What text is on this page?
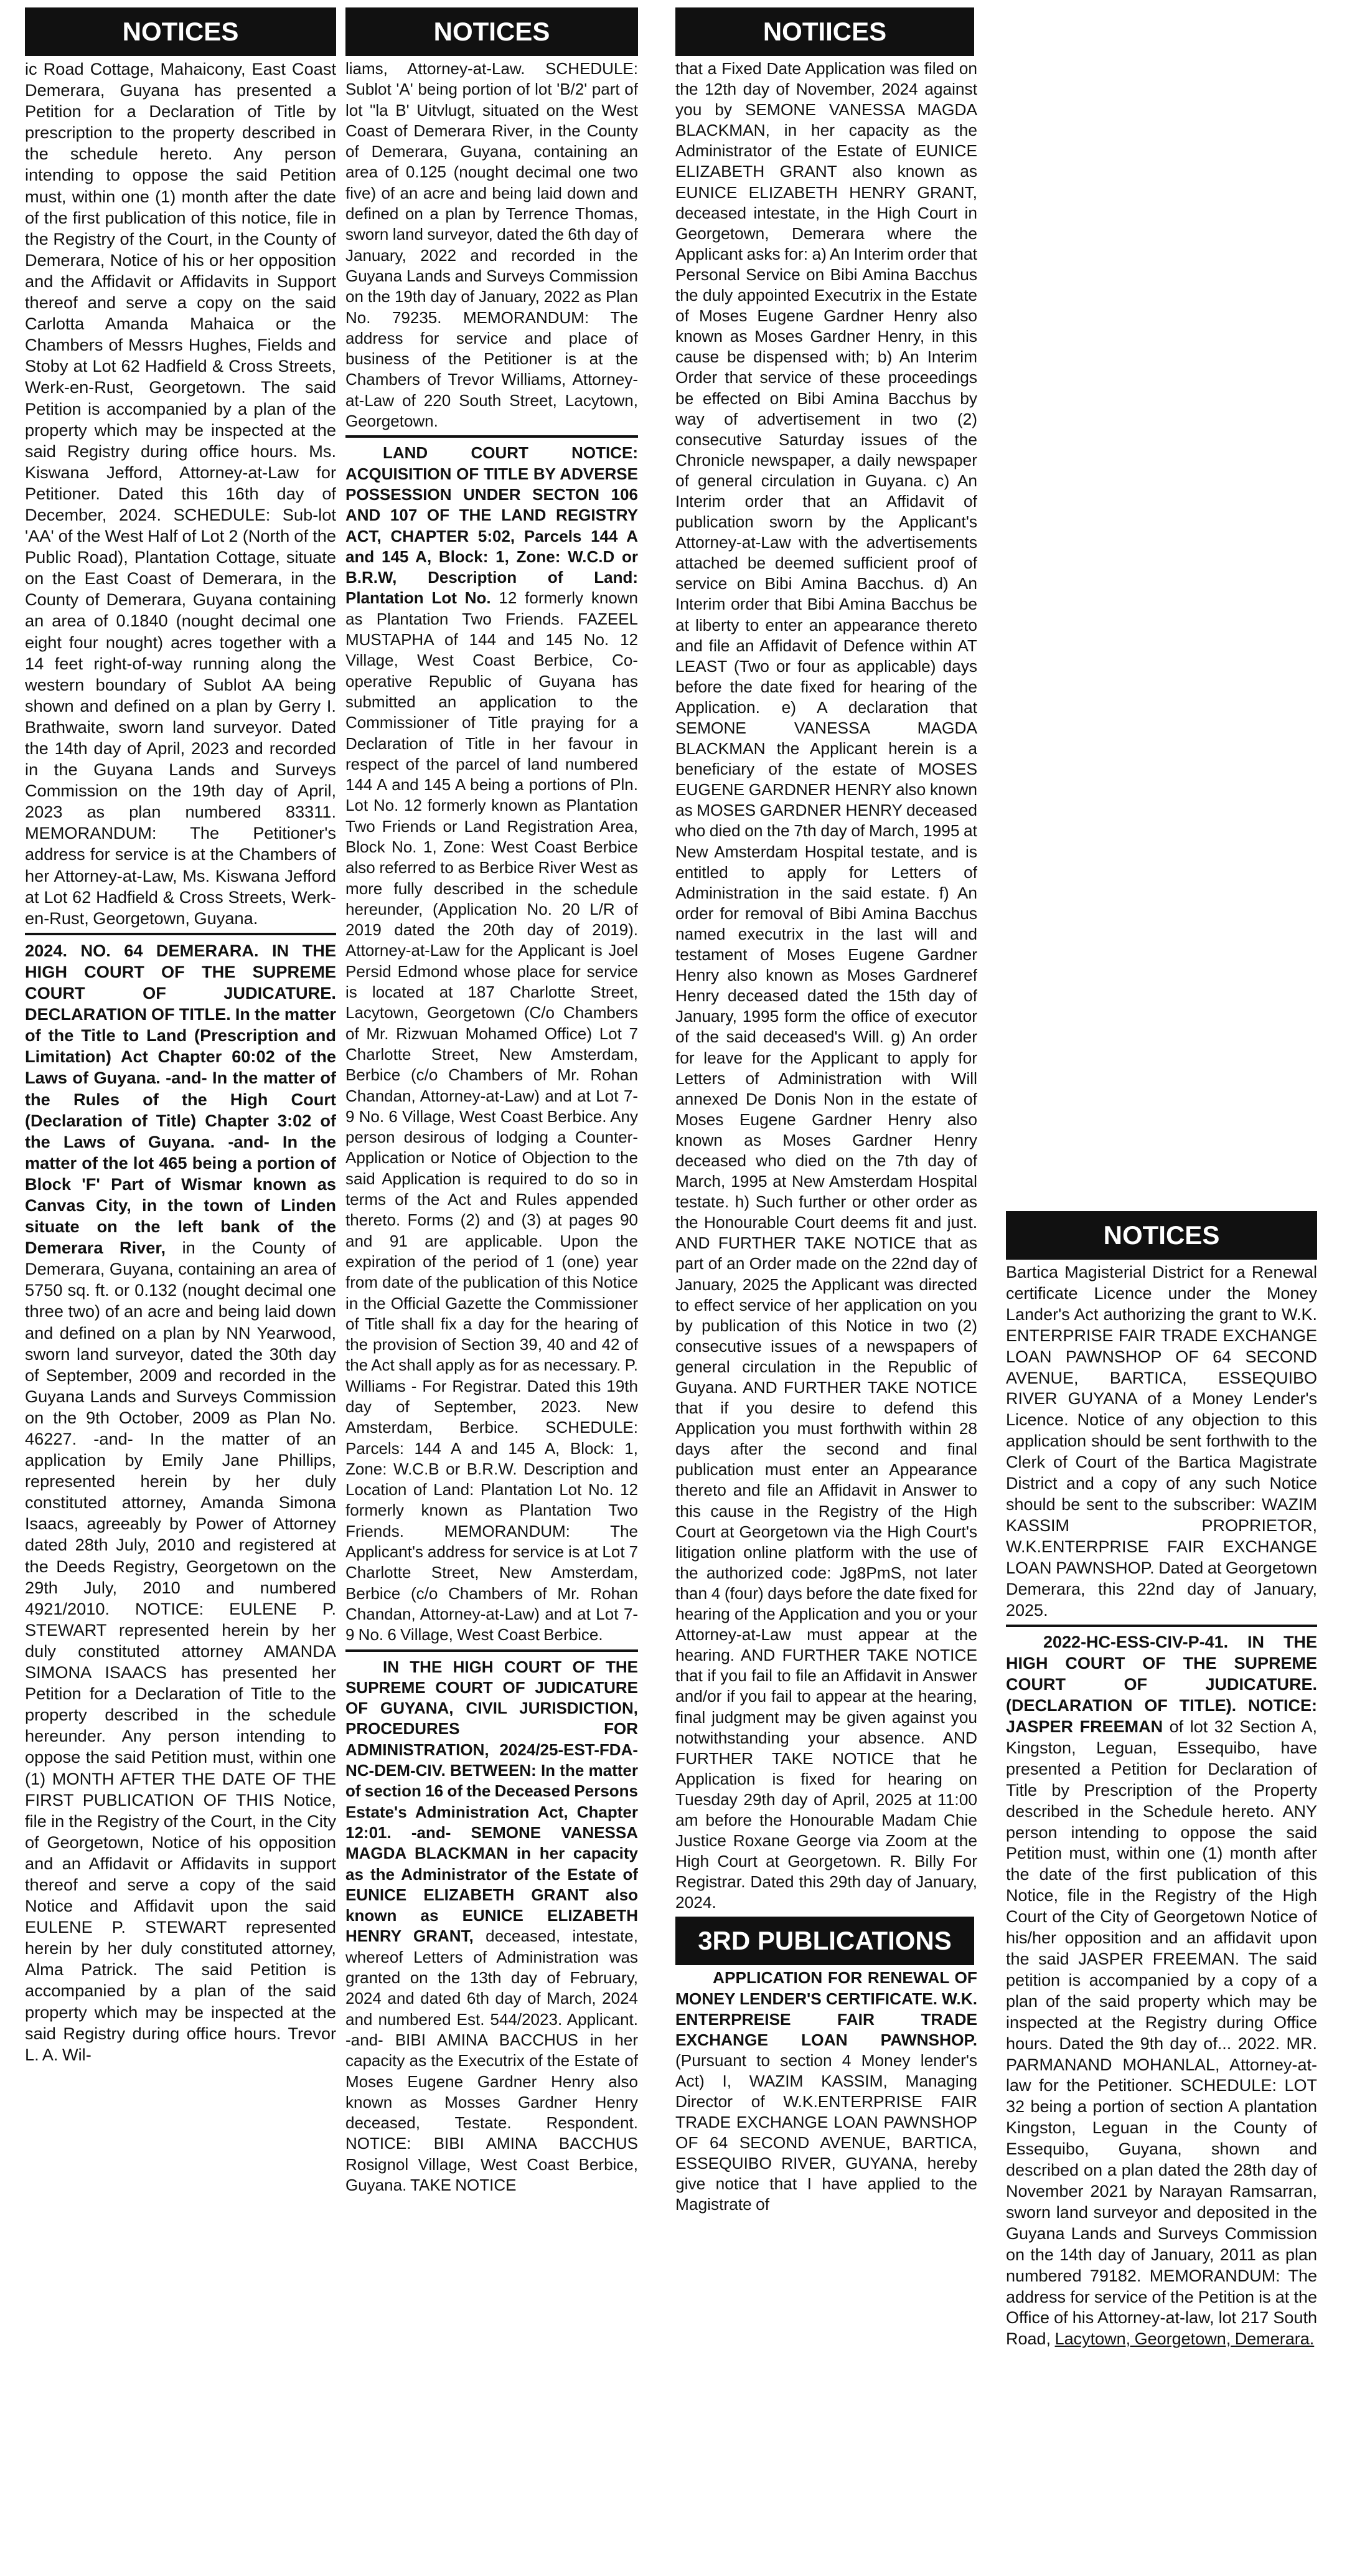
NOTICES

ic Road Cottage, Mahaicony, East Coast Demerara, Guyana has presented a Petition for a Declaration of Title by prescription to the property described in the schedule hereto. Any person intending to oppose the said Petition must, within one (1) month after the date of the first publication of this notice, file in the Registry of the Court, in the County of Demerara, Notice of his or her opposition and the Affidavit or Affidavits in Support thereof and serve a copy on the said Carlotta Amanda Mahaica or the Chambers of Messrs Hughes, Fields and Stoby at Lot 62 Hadfield & Cross Streets, Werk-en-Rust, Georgetown. The said Petition is accompanied by a plan of the property which may be inspected at the said Registry during office hours. Ms. Kiswana Jefford, Attorney-at-Law for Petitioner. Dated this 16th day of December, 2024. SCHEDULE: Sub-lot 'AA' of the West Half of Lot 2 (North of the Public Road), Plantation Cottage, situate on the East Coast of Demerara, in the County of Demerara, Guyana containing an area of 0.1840 (nought decimal one eight four nought) acres together with a 14 feet right-of-way running along the western boundary of Sublot AA being shown and defined on a plan by Gerry I. Brathwaite, sworn land surveyor. Dated the 14th day of April, 2023 and recorded in the Guyana Lands and Surveys Commission on the 19th day of April, 2023 as plan numbered 83311. MEMORANDUM: The Petitioner's address for service is at the Chambers of her Attorney-at-Law, Ms. Kiswana Jefford at Lot 62 Hadfield & Cross Streets, Werk-en-Rust, Georgetown, Guyana.

2024. NO. 64 DEMERARA. IN THE HIGH COURT OF THE SUPREME COURT OF JUDICATURE. DECLARATION OF TITLE. In the matter of the Title to Land (Prescription and Limitation) Act Chapter 60:02 of the Laws of Guyana. -and- In the matter of the Rules of the High Court (Declaration of Title) Chapter 3:02 of the Laws of Guyana. -and- In the matter of the lot 465 being a portion of Block 'F' Part of Wismar known as Canvas City, in the town of Linden situate on the left bank of the Demerara River, in the County of Demerara, Guyana, containing an area of 5750 sq. ft. or 0.132 (nought decimal one three two) of an acre and being laid down and defined on a plan by NN Yearwood, sworn land surveyor, dated the 30th day of September, 2009 and recorded in the Guyana Lands and Surveys Commission on the 9th October, 2009 as Plan No. 46227. -and- In the matter of an application by Emily Jane Phillips, represented herein by her duly constituted attorney, Amanda Simona Isaacs, agreeably by Power of Attorney dated 28th July, 2010 and registered at the Deeds Registry, Georgetown on the 29th July, 2010 and numbered 4921/2010. NOTICE: EULENE P. STEWART represented herein by her duly constituted attorney AMANDA SIMONA ISAACS has presented her Petition for a Declaration of Title to the property described in the schedule hereunder. Any person intending to oppose the said Petition must, within one (1) MONTH AFTER THE DATE OF THE FIRST PUBLICATION OF THIS Notice, file in the Registry of the Court, in the City of Georgetown, Notice of his opposition and an Affidavit or Affidavits in support thereof and serve a copy of the said Notice and Affidavit upon the said EULENE P. STEWART represented herein by her duly constituted attorney, Alma Patrick. The said Petition is accompanied by a plan of the said property which may be inspected at the said Registry during office hours. Trevor L. A. Wil-

NOTICES

liams, Attorney-at-Law. SCHEDULE: Sublot 'A' being portion of lot 'B/2' part of lot "la B' Uitvlugt, situated on the West Coast of Demerara River, in the County of Demerara, Guyana, containing an area of 0.125 (nought decimal one two five) of an acre and being laid down and defined on a plan by Terrence Thomas, sworn land surveyor, dated the 6th day of January, 2022 and recorded in the Guyana Lands and Surveys Commission on the 19th day of January, 2022 as Plan No. 79235. MEMORANDUM: The address for service and place of business of the Petitioner is at the Chambers of Trevor Williams, Attorney-at-Law of 220 South Street, Lacytown, Georgetown.

LAND COURT NOTICE: ACQUISITION OF TITLE BY ADVERSE POSSESSION UNDER SECTON 106 AND 107 OF THE LAND REGISTRY ACT, CHAPTER 5:02, Parcels 144 A and 145 A, Block: 1, Zone: W.C.D or B.R.W, Description of Land: Plantation Lot No. 12 formerly known as Plantation Two Friends. FAZEEL MUSTAPHA of 144 and 145 No. 12 Village, West Coast Berbice, Co-operative Republic of Guyana has submitted an application to the Commissioner of Title praying for a Declaration of Title in her favour in respect of the parcel of land numbered 144 A and 145 A being a portions of Pln. Lot No. 12 formerly known as Plantation Two Friends or Land Registration Area, Block No. 1, Zone: West Coast Berbice also referred to as Berbice River West as more fully described in the schedule hereunder, (Application No. 20 L/R of 2019 dated the 20th day of 2019). Attorney-at-Law for the Applicant is Joel Persid Edmond whose place for service is located at 187 Charlotte Street, Lacytown, Georgetown (C/o Chambers of Mr. Rizwuan Mohamed Office) Lot 7 Charlotte Street, New Amsterdam, Berbice (c/o Chambers of Mr. Rohan Chandan, Attorney-at-Law) and at Lot 7-9 No. 6 Village, West Coast Berbice. Any person desirous of lodging a Counter-Application or Notice of Objection to the said Application is required to do so in terms of the Act and Rules appended thereto. Forms (2) and (3) at pages 90 and 91 are applicable. Upon the expiration of the period of 1 (one) year from date of the publication of this Notice in the Official Gazette the Commissioner of Title shall fix a day for the hearing of the provision of Section 39, 40 and 42 of the Act shall apply as for as necessary. P. Williams - For Registrar. Dated this 19th day of September, 2023. New Amsterdam, Berbice. SCHEDULE: Parcels: 144 A and 145 A, Block: 1, Zone: W.C.B or B.R.W. Description and Location of Land: Plantation Lot No. 12 formerly known as Plantation Two Friends. MEMORANDUM: The Applicant's address for service is at Lot 7 Charlotte Street, New Amsterdam, Berbice (c/o Chambers of Mr. Rohan Chandan, Attorney-at-Law) and at Lot 7-9 No. 6 Village, West Coast Berbice.

IN THE HIGH COURT OF THE SUPREME COURT OF JUDICATURE OF GUYANA, CIVIL JURISDICTION, PROCEDURES FOR ADMINISTRATION, 2024/25-EST-FDA-NC-DEM-CIV. BETWEEN: In the matter of section 16 of the Deceased Persons Estate's Administration Act, Chapter 12:01. -and- SEMONE VANESSA MAGDA BLACKMAN in her capacity as the Administrator of the Estate of EUNICE ELIZABETH GRANT also known as EUNICE ELIZABETH HENRY GRANT, deceased, intestate, whereof Letters of Administration was granted on the 13th day of February, 2024 and dated 6th day of March, 2024 and numbered Est. 544/2023. Applicant. -and- BIBI AMINA BACCHUS in her capacity as the Executrix of the Estate of Moses Eugene Gardner Henry also known as Mosses Gardner Henry deceased, Testate. Respondent. NOTICE: BIBI AMINA BACCHUS Rosignol Village, West Coast Berbice, Guyana. TAKE NOTICE

NOTIICES

that a Fixed Date Application was filed on the 12th day of November, 2024 against you by SEMONE VANESSA MAGDA BLACKMAN, in her capacity as the Administrator of the Estate of EUNICE ELIZABETH GRANT also known as EUNICE ELIZABETH HENRY GRANT, deceased intestate, in the High Court in Georgetown, Demerara where the Applicant asks for: a) An Interim order that Personal Service on Bibi Amina Bacchus the duly appointed Executrix in the Estate of Moses Eugene Gardner Henry also known as Moses Gardner Henry, in this cause be dispensed with; b) An Interim Order that service of these proceedings be effected on Bibi Amina Bacchus by way of advertisement in two (2) consecutive Saturday issues of the Chronicle newspaper, a daily newspaper of general circulation in Guyana. c) An Interim order that an Affidavit of publication sworn by the Applicant's Attorney-at-Law with the advertisements attached be deemed sufficient proof of service on Bibi Amina Bacchus. d) An Interim order that Bibi Amina Bacchus be at liberty to enter an appearance thereto and file an Affidavit of Defence within AT LEAST (Two or four as applicable) days before the date fixed for hearing of the Application. e) A declaration that SEMONE VANESSA MAGDA BLACKMAN the Applicant herein is a beneficiary of the estate of MOSES EUGENE GARDNER HENRY also known as MOSES GARDNER HENRY deceased who died on the 7th day of March, 1995 at New Amsterdam Hospital testate, and is entitled to apply for Letters of Administration in the said estate. f) An order for removal of Bibi Amina Bacchus named executrix in the last will and testament of Moses Eugene Gardner Henry also known as Moses Gardneref Henry deceased dated the 15th day of January, 1995 form the office of executor of the said deceased's Will. g) An order for leave for the Applicant to apply for Letters of Administration with Will annexed De Donis Non in the estate of Moses Eugene Gardner Henry also known as Moses Gardner Henry deceased who died on the 7th day of March, 1995 at New Amsterdam Hospital testate. h) Such further or other order as the Honourable Court deems fit and just. AND FURTHER TAKE NOTICE that as part of an Order made on the 22nd day of January, 2025 the Applicant was directed to effect service of her application on you by publication of this Notice in two (2) consecutive issues of a newspapers of general circulation in the Republic of Guyana. AND FURTHER TAKE NOTICE that if you desire to defend this Application you must forthwith within 28 days after the second and final publication must enter an Appearance thereto and file an Affidavit in Answer to this cause in the Registry of the High Court at Georgetown via the High Court's litigation online platform with the use of the authorized code: Jg8PmS, not later than 4 (four) days before the date fixed for hearing of the Application and you or your Attorney-at-Law must appear at the hearing. AND FURTHER TAKE NOTICE that if you fail to file an Affidavit in Answer and/or if you fail to appear at the hearing, final judgment may be given against you notwithstanding your absence. AND FURTHER TAKE NOTICE that he Application is fixed for hearing on Tuesday 29th day of April, 2025 at 11:00 am before the Honourable Madam Chie Justice Roxane George via Zoom at the High Court at Georgetown. R. Billy For Registrar. Dated this 29th day of January, 2024.

3RD PUBLICATIONS

APPLICATION FOR RENEWAL OF MONEY LENDER'S CERTIFICATE. W.K. ENTERPREISE FAIR TRADE EXCHANGE LOAN PAWNSHOP. (Pursuant to section 4 Money lender's Act) I, WAZIM KASSIM, Managing Director of W.K.ENTERPRISE FAIR TRADE EXCHANGE LOAN PAWNSHOP OF 64 SECOND AVENUE, BARTICA, ESSEQUIBO RIVER, GUYANA, hereby give notice that I have applied to the Magistrate of

NOTICES

Bartica Magisterial District for a Renewal certificate Licence under the Money Lander's Act authorizing the grant to W.K. ENTERPRISE FAIR TRADE EXCHANGE LOAN PAWNSHOP OF 64 SECOND AVENUE, BARTICA, ESSEQUIBO RIVER GUYANA of a Money Lender's Licence. Notice of any objection to this application should be sent forthwith to the Clerk of Court of the Bartica Magistrate District and a copy of any such Notice should be sent to the subscriber: WAZIM KASSIM PROPRIETOR, W.K.ENTERPRISE FAIR EXCHANGE LOAN PAWNSHOP. Dated at Georgetown Demerara, this 22nd day of January, 2025.

2022-HC-ESS-CIV-P-41. IN THE HIGH COURT OF THE SUPREME COURT OF JUDICATURE. (DECLARATION OF TITLE). NOTICE: JASPER FREEMAN of lot 32 Section A, Kingston, Leguan, Essequibo, have presented a Petition for Declaration of Title by Prescription of the Property described in the Schedule hereto. ANY person intending to oppose the said Petition must, within one (1) month after the date of the first publication of this Notice, file in the Registry of the High Court of the City of Georgetown Notice of his/her opposition and an affidavit upon the said JASPER FREEMAN. The said petition is accompanied by a copy of a plan of the said property which may be inspected at the Registry during Office hours. Dated the 9th day of... 2022. MR. PARMANAND MOHANLAL, Attorney-at-law for the Petitioner. SCHEDULE: LOT 32 being a portion of section A plantation Kingston, Leguan in the County of Essequibo, Guyana, shown and described on a plan dated the 28th day of November 2021 by Narayan Ramsarran, sworn land surveyor and deposited in the Guyana Lands and Surveys Commission on the 14th day of January, 2011 as plan numbered 79182. MEMORANDUM: The address for service of the Petition is at the Office of his Attorney-at-law, lot 217 South Road, Lacytown, Georgetown, Demerara.
